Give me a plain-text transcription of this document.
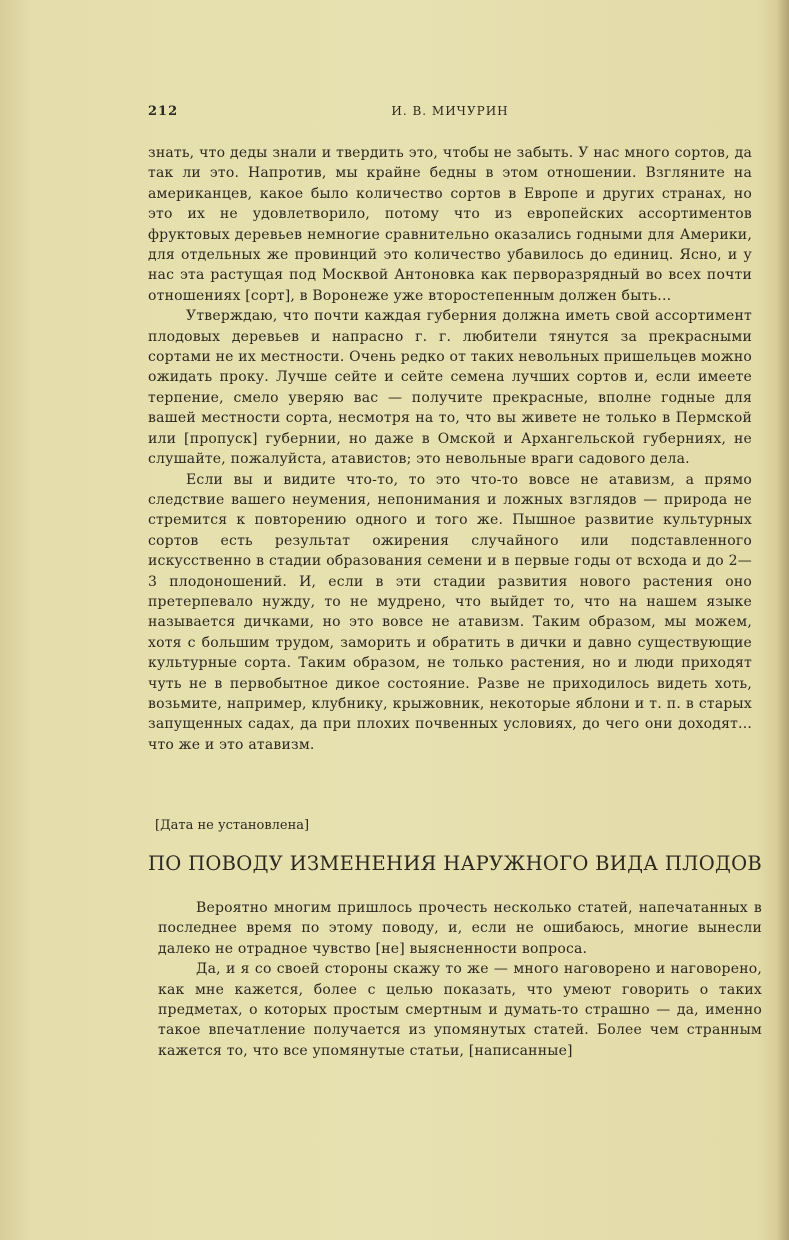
212	И. В. МИЧУРИН

знать, что деды знали и твердить это, чтобы не забыть. У нас много сортов, да так ли это. Напротив, мы крайне бедны в этом отношении. Взгляните на американцев, какое было количество сортов в Европе и других странах, но это их не удовлетворило, потому что из европейских ассортиментов фруктовых деревьев немногие сравнительно оказались годными для Америки, для отдельных же провинций это количество убавилось до единиц. Ясно, и у нас эта растущая под Москвой Антоновка как перворазрядный во всех почти отношениях [сорт], в Воронеже уже второстепенным должен быть...

Утверждаю, что почти каждая губерния должна иметь свой ассортимент плодовых деревьев и напрасно г. г. любители тянутся за прекрасными сортами не их местности. Очень редко от таких невольных пришельцев можно ожидать проку. Лучше сейте и сейте семена лучших сортов и, если имеете терпение, смело уверяю вас — получите прекрасные, вполне годные для вашей местности сорта, несмотря на то, что вы живете не только в Пермской или [пропуск] губернии, но даже в Омской и Архангельской губерниях, не слушайте, пожалуйста, атавистов; это невольные враги садового дела.

Если вы и видите что-то, то это что-то вовсе не атавизм, а прямо следствие вашего неумения, непонимания и ложных взглядов — природа не стремится к повторению одного и того же. Пышное развитие культурных сортов есть результат ожирения случайного или подставленного искусственно в стадии образования семени и в первые годы от всхода и до 2—3 плодоношений. И, если в эти стадии развития нового растения оно претерпевало нужду, то не мудрено, что выйдет то, что на нашем языке называется дичками, но это вовсе не атавизм. Таким образом, мы можем, хотя с большим трудом, заморить и обратить в дички и давно существующие культурные сорта. Таким образом, не только растения, но и люди приходят чуть не в первобытное дикое состояние. Разве не приходилось видеть хоть, возьмите, например, клубнику, крыжовник, некоторые яблони и т. п. в старых запущенных садах, да при плохих почвенных условиях, до чего они доходят... что же и это атавизм.

[Дата не установлена]
ПО ПОВОДУ ИЗМЕНЕНИЯ НАРУЖНОГО ВИДА ПЛОДОВ

Вероятно многим пришлось прочесть несколько статей, напечатанных в последнее время по этому поводу, и, если не ошибаюсь, многие вынесли далеко не отрадное чувство [не] выясненности вопроса.

Да, и я со своей стороны скажу то же — много наговорено и наговорено, как мне кажется, более с целью показать, что умеют говорить о таких предметах, о которых простым смертным и думать-то страшно — да, именно такое впечатление получается из упомянутых статей. Более чем странным кажется то, что все упомянутые статьи, [написанные]
